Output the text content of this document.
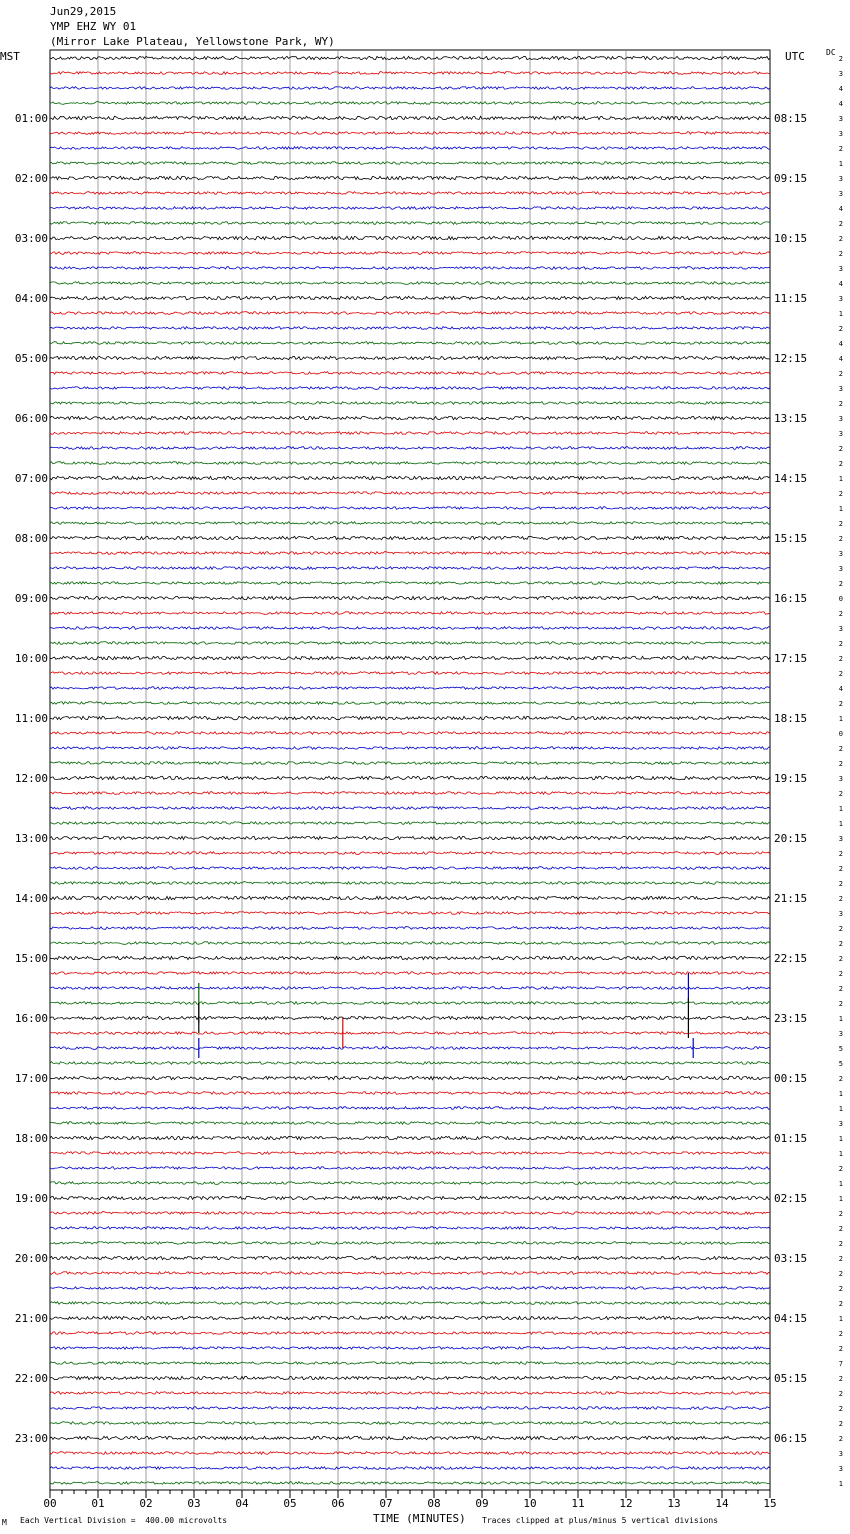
Jun29,2015
YMP EHZ WY 01
(Mirror Lake Plateau, Yellowstone Park, WY)
MST	UTC	DC
01:00
02:00
03:00
04:00
05:00
06:00
07:00
08:00
09:00
10:00
11:00
12:00
13:00
14:00
15:00
16:00
17:00
18:00
19:00
20:00
21:00
22:00
23:00
08:15
09:15
10:15
11:15
12:15
13:15
14:15
15:15
16:15
17:15
18:15
19:15
20:15
21:15
22:15
23:15
00:15
01:15
02:15
03:15
04:15
05:15
06:15
2
3
4
4
3
3
2
1
3
3
4
2
2
2
3
4
3
1
2
4
4
2
3
2
3
3
2
2
1
2
1
2
2
3
3
2
0
2
3
2
2
2
4
2
1
0
2
2
3
2
1
1
3
2
2
2
2
3
2
2
2
2
2
2
1
3
5
5
2
1
1
3
1
1
2
1
1
2
2
2
2
2
2
2
1
2
2
7
2
2
2
2
2
3
3
1
00	01	02	03	04	05	06	07	08	09	10	11	12	13	14	15
M Each Vertical Division =  400.00 microvolts	TIME (MINUTES) Traces clipped at plus/minus 5 vertical divisions
